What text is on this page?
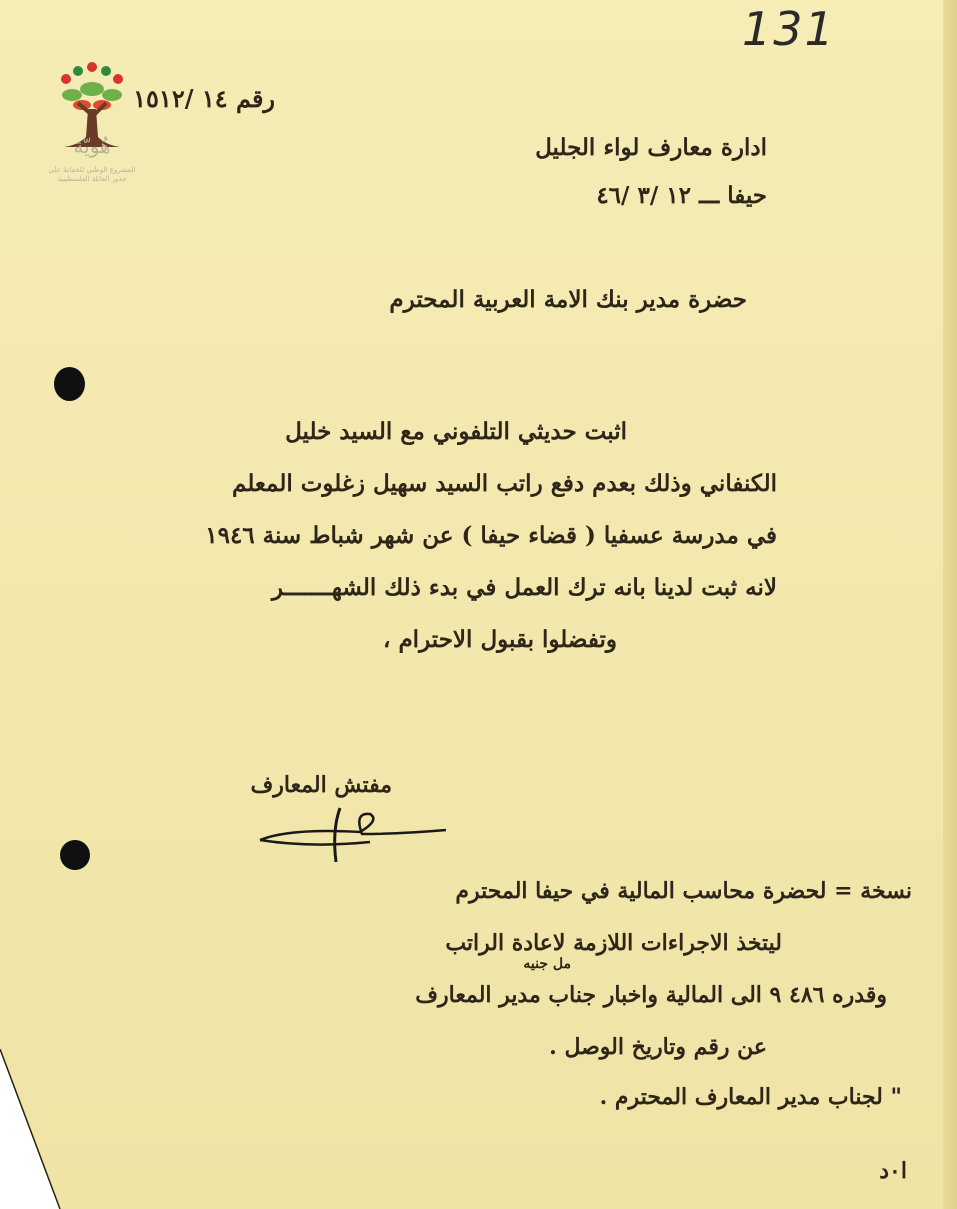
131
هُويّة
المشروع الوطني للحفاظ على جذور العائلة الفلسطينية
رقم ١٤ /١٥١٢
ادارة معارف لواء الجليل
حيفا ـــ ١٢ /٣ /٤٦
حضرة مدير بنك الامة العربية المحترم
اثبت حديثي التلفوني مع السيد خليل
الكنفاني وذلك بعدم دفع راتب السيد سهيل زغلوت المعلم
في مدرسة عسفيا ( قضاء حيفا ) عن شهر شباط سنة ١٩٤٦
لانه ثبت لدينا بانه ترك العمل في بدء ذلك الشهـــــــر
وتفضلوا بقبول الاحترام ،
مفتش المعارف
نسخة = لحضرة محاسب المالية في حيفا المحترم
ليتخذ الاجراءات اللازمة لاعادة الراتب
مل جنيه
وقدره ٤٨٦ ٩ الى المالية واخبار جناب مدير المعارف
عن رقم وتاريخ الوصل .
" لجناب مدير المعارف المحترم .
ا٠د
